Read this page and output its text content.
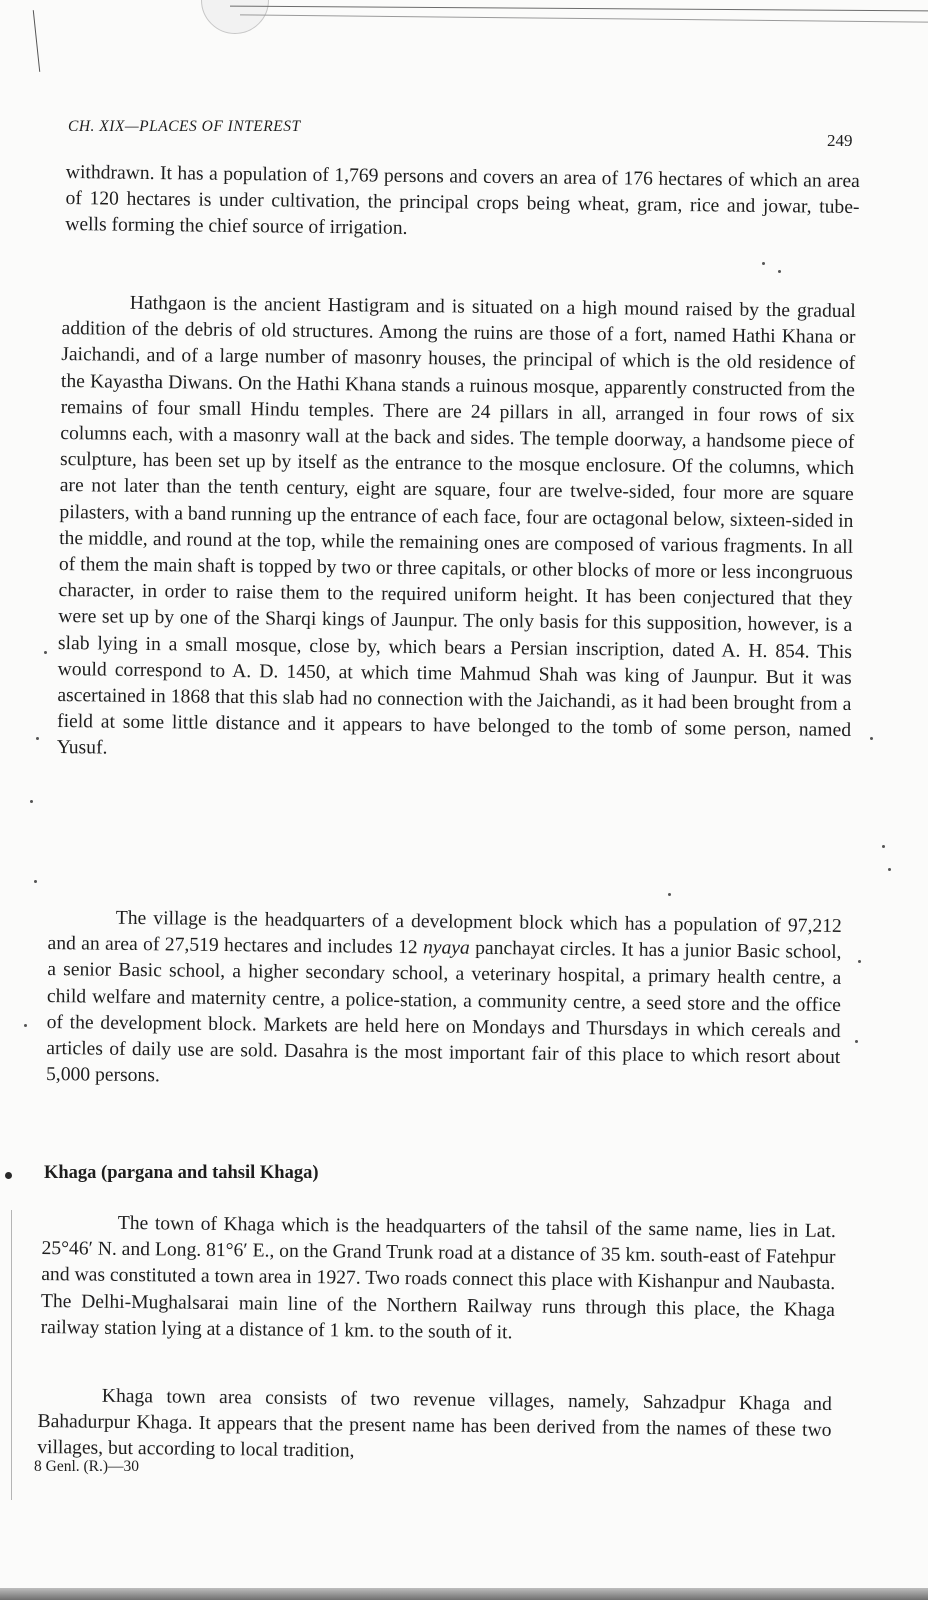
CH. XIX—PLACES OF INTEREST
249

withdrawn. It has a population of 1,769 persons and covers an area of 176 hectares of which an area of 120 hectares is under cultivation, the principal crops being wheat, gram, rice and jowar, tube-wells forming the chief source of irrigation.

Hathgaon is the ancient Hastigram and is situated on a high mound raised by the gradual addition of the debris of old structures. Among the ruins are those of a fort, named Hathi Khana or Jaichandi, and of a large number of masonry houses, the principal of which is the old residence of the Kayastha Diwans. On the Hathi Khana stands a ruinous mosque, apparently constructed from the remains of four small Hindu temples. There are 24 pillars in all, arranged in four rows of six columns each, with a masonry wall at the back and sides. The temple doorway, a handsome piece of sculpture, has been set up by itself as the entrance to the mosque enclosure. Of the columns, which are not later than the tenth century, eight are square, four are twelve-sided, four more are square pilasters, with a band running up the entrance of each face, four are octagonal below, sixteen-sided in the middle, and round at the top, while the remaining ones are composed of various fragments. In all of them the main shaft is topped by two or three capitals, or other blocks of more or less incongruous character, in order to raise them to the required uniform height. It has been conjectured that they were set up by one of the Sharqi kings of Jaunpur. The only basis for this supposition, however, is a slab lying in a small mosque, close by, which bears a Persian inscription, dated A. H. 854. This would correspond to A. D. 1450, at which time Mahmud Shah was king of Jaunpur. But it was ascertained in 1868 that this slab had no connection with the Jaichandi, as it had been brought from a field at some little distance and it appears to have belonged to the tomb of some person, named Yusuf.

The village is the headquarters of a development block which has a population of 97,212 and an area of 27,519 hectares and includes 12 nyaya panchayat circles. It has a junior Basic school, a senior Basic school, a higher secondary school, a veterinary hospital, a primary health centre, a child welfare and maternity centre, a police-station, a community centre, a seed store and the office of the development block. Markets are held here on Mondays and Thursdays in which cereals and articles of daily use are sold. Dasahra is the most important fair of this place to which resort about 5,000 persons.

Khaga (pargana and tahsil Khaga)

The town of Khaga which is the headquarters of the tahsil of the same name, lies in Lat. 25°46′ N. and Long. 81°6′ E., on the Grand Trunk road at a distance of 35 km. south-east of Fatehpur and was constituted a town area in 1927. Two roads connect this place with Kishanpur and Naubasta. The Delhi-Mughalsarai main line of the Northern Railway runs through this place, the Khaga railway station lying at a distance of 1 km. to the south of it.

Khaga town area consists of two revenue villages, namely, Sahzadpur Khaga and Bahadurpur Khaga. It appears that the present name has been derived from the names of these two villages, but according to local tradition,

8 Genl. (R.)—30
